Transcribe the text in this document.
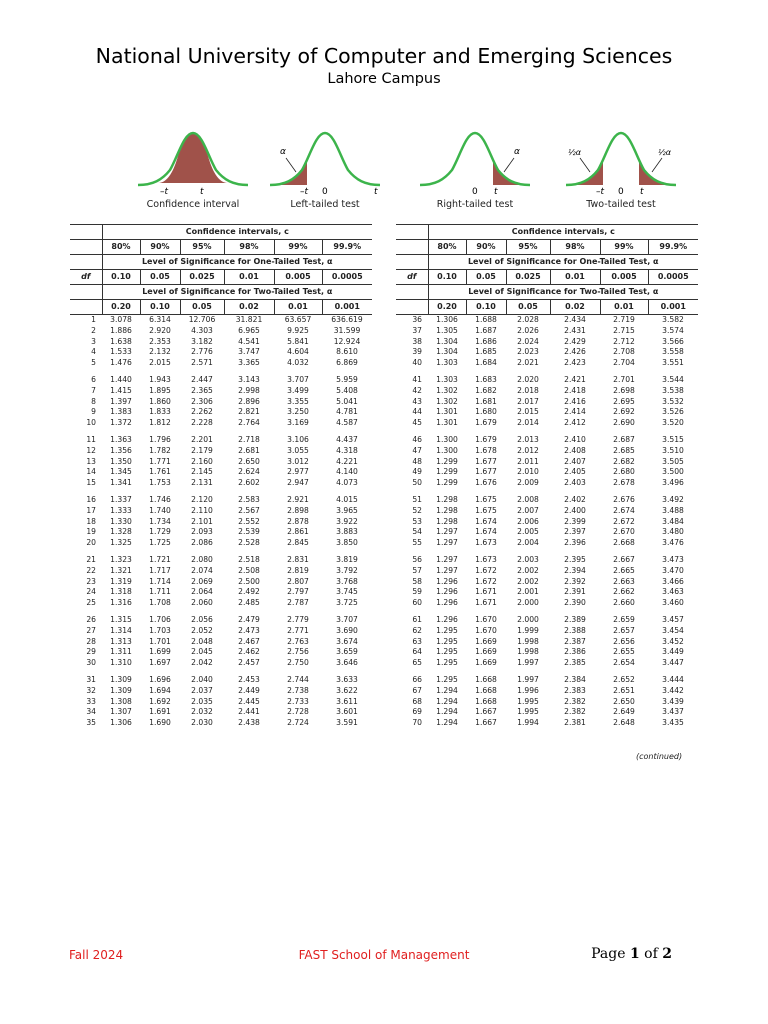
National University of Computer and Emerging Sciences
Lahore Campus
–t	t
Confidence interval
α
–t 0	t
Left-tailed test
α
0 t
Right-tailed test
½α	½α
–t 0 t
Two-tailed test
	Confidence intervals, c					
	80%	90%	95%	98%	99%	99.9%
	Level of Significance for One-Tailed Test, α					
df	0.10	0.05	0.025	0.01	0.005	0.0005
	Level of Significance for Two-Tailed Test, α					
	0.20	0.10	0.05	0.02	0.01	0.001
1	3.078	6.314	12.706	31.821	63.657	636.619
2	1.886	2.920	4.303	6.965	9.925	31.599
3	1.638	2.353	3.182	4.541	5.841	12.924
4	1.533	2.132	2.776	3.747	4.604	8.610
5	1.476	2.015	2.571	3.365	4.032	6.869
6	1.440	1.943	2.447	3.143	3.707	5.959
7	1.415	1.895	2.365	2.998	3.499	5.408
8	1.397	1.860	2.306	2.896	3.355	5.041
9	1.383	1.833	2.262	2.821	3.250	4.781
10	1.372	1.812	2.228	2.764	3.169	4.587
11	1.363	1.796	2.201	2.718	3.106	4.437
12	1.356	1.782	2.179	2.681	3.055	4.318
13	1.350	1.771	2.160	2.650	3.012	4.221
14	1.345	1.761	2.145	2.624	2.977	4.140
15	1.341	1.753	2.131	2.602	2.947	4.073
16	1.337	1.746	2.120	2.583	2.921	4.015
17	1.333	1.740	2.110	2.567	2.898	3.965
18	1.330	1.734	2.101	2.552	2.878	3.922
19	1.328	1.729	2.093	2.539	2.861	3.883
20	1.325	1.725	2.086	2.528	2.845	3.850
21	1.323	1.721	2.080	2.518	2.831	3.819
22	1.321	1.717	2.074	2.508	2.819	3.792
23	1.319	1.714	2.069	2.500	2.807	3.768
24	1.318	1.711	2.064	2.492	2.797	3.745
25	1.316	1.708	2.060	2.485	2.787	3.725
26	1.315	1.706	2.056	2.479	2.779	3.707
27	1.314	1.703	2.052	2.473	2.771	3.690
28	1.313	1.701	2.048	2.467	2.763	3.674
29	1.311	1.699	2.045	2.462	2.756	3.659
30	1.310	1.697	2.042	2.457	2.750	3.646
31	1.309	1.696	2.040	2.453	2.744	3.633
32	1.309	1.694	2.037	2.449	2.738	3.622
33	1.308	1.692	2.035	2.445	2.733	3.611
34	1.307	1.691	2.032	2.441	2.728	3.601
35	1.306	1.690	2.030	2.438	2.724	3.591
	Confidence intervals, c					
	80%	90%	95%	98%	99%	99.9%
	Level of Significance for One-Tailed Test, α					
df	0.10	0.05	0.025	0.01	0.005	0.0005
	Level of Significance for Two-Tailed Test, α					
	0.20	0.10	0.05	0.02	0.01	0.001
36	1.306	1.688	2.028	2.434	2.719	3.582
37	1.305	1.687	2.026	2.431	2.715	3.574
38	1.304	1.686	2.024	2.429	2.712	3.566
39	1.304	1.685	2.023	2.426	2.708	3.558
40	1.303	1.684	2.021	2.423	2.704	3.551
41	1.303	1.683	2.020	2.421	2.701	3.544
42	1.302	1.682	2.018	2.418	2.698	3.538
43	1.302	1.681	2.017	2.416	2.695	3.532
44	1.301	1.680	2.015	2.414	2.692	3.526
45	1.301	1.679	2.014	2.412	2.690	3.520
46	1.300	1.679	2.013	2.410	2.687	3.515
47	1.300	1.678	2.012	2.408	2.685	3.510
48	1.299	1.677	2.011	2.407	2.682	3.505
49	1.299	1.677	2.010	2.405	2.680	3.500
50	1.299	1.676	2.009	2.403	2.678	3.496
51	1.298	1.675	2.008	2.402	2.676	3.492
52	1.298	1.675	2.007	2.400	2.674	3.488
53	1.298	1.674	2.006	2.399	2.672	3.484
54	1.297	1.674	2.005	2.397	2.670	3.480
55	1.297	1.673	2.004	2.396	2.668	3.476
56	1.297	1.673	2.003	2.395	2.667	3.473
57	1.297	1.672	2.002	2.394	2.665	3.470
58	1.296	1.672	2.002	2.392	2.663	3.466
59	1.296	1.671	2.001	2.391	2.662	3.463
60	1.296	1.671	2.000	2.390	2.660	3.460
61	1.296	1.670	2.000	2.389	2.659	3.457
62	1.295	1.670	1.999	2.388	2.657	3.454
63	1.295	1.669	1.998	2.387	2.656	3.452
64	1.295	1.669	1.998	2.386	2.655	3.449
65	1.295	1.669	1.997	2.385	2.654	3.447
66	1.295	1.668	1.997	2.384	2.652	3.444
67	1.294	1.668	1.996	2.383	2.651	3.442
68	1.294	1.668	1.995	2.382	2.650	3.439
69	1.294	1.667	1.995	2.382	2.649	3.437
70	1.294	1.667	1.994	2.381	2.648	3.435
(continued)
Fall 2024	FAST School of Management	Page 1 of 2
